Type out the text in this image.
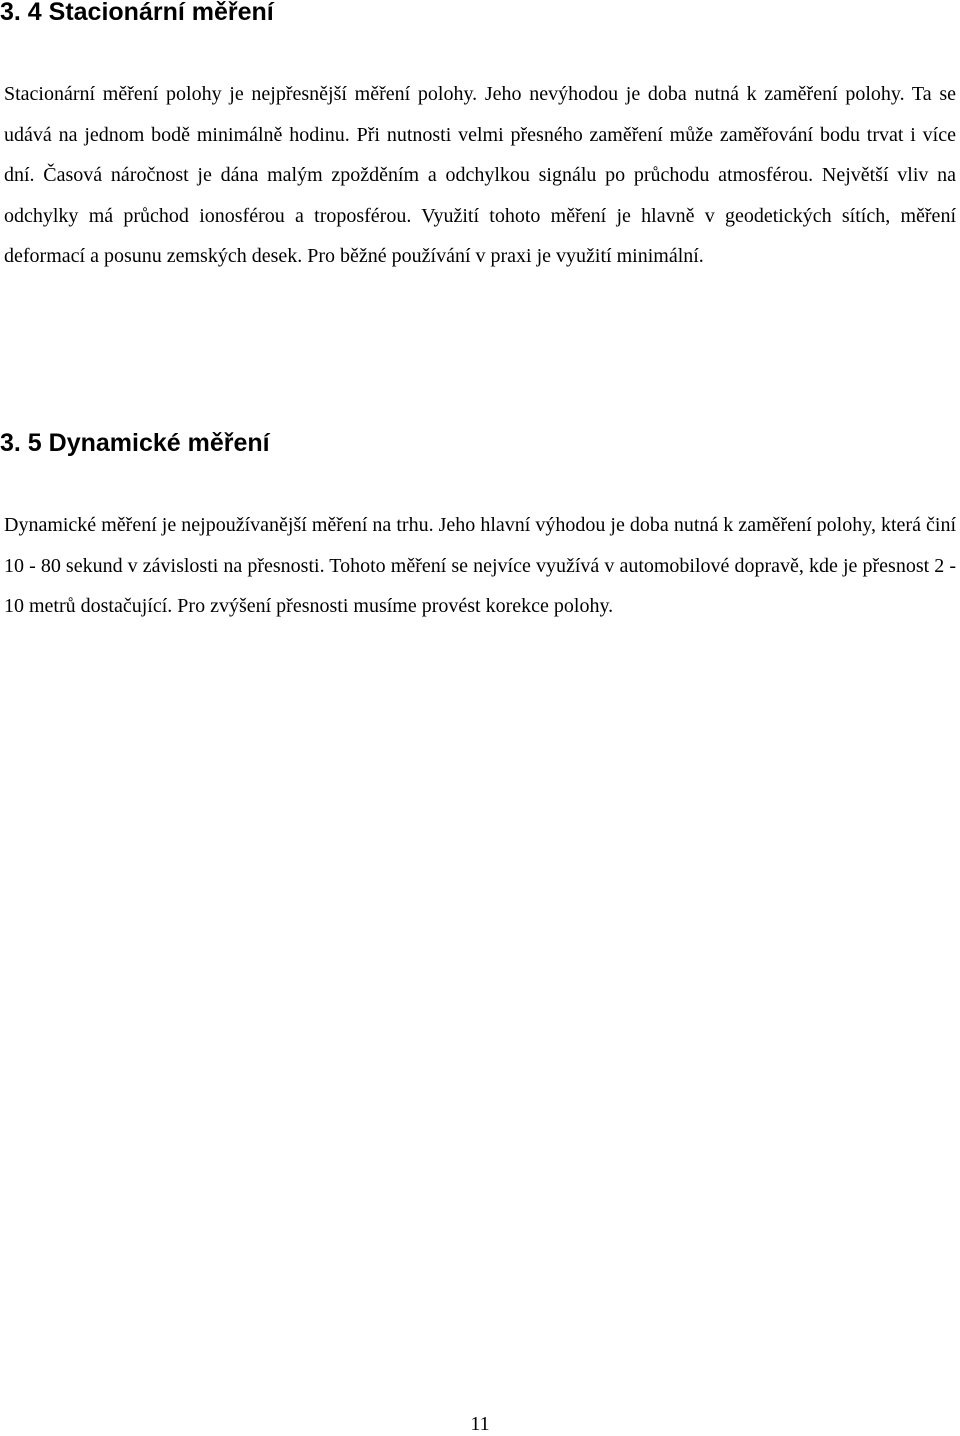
3. 4 Stacionární měření

Stacionární měření polohy je nejpřesnější měření polohy. Jeho nevýhodou je doba nutná k zaměření polohy. Ta se udává na jednom bodě minimálně hodinu. Při nutnosti velmi přesného zaměření může zaměřování bodu trvat i více dní. Časová náročnost je dána malým zpožděním a odchylkou signálu po průchodu atmosférou. Největší vliv na odchylky má průchod ionosférou a troposférou. Využití tohoto měření je hlavně v geodetických sítích, měření deformací a posunu zemských desek. Pro běžné používání v praxi je využití minimální.

3. 5 Dynamické měření

Dynamické měření je nejpoužívanější měření na trhu. Jeho hlavní výhodou je doba nutná k zaměření polohy, která činí 10 - 80 sekund v závislosti na přesnosti. Tohoto měření se nejvíce využívá v automobilové dopravě, kde je přesnost 2 - 10 metrů dostačující. Pro zvýšení přesnosti musíme provést korekce polohy.

11
